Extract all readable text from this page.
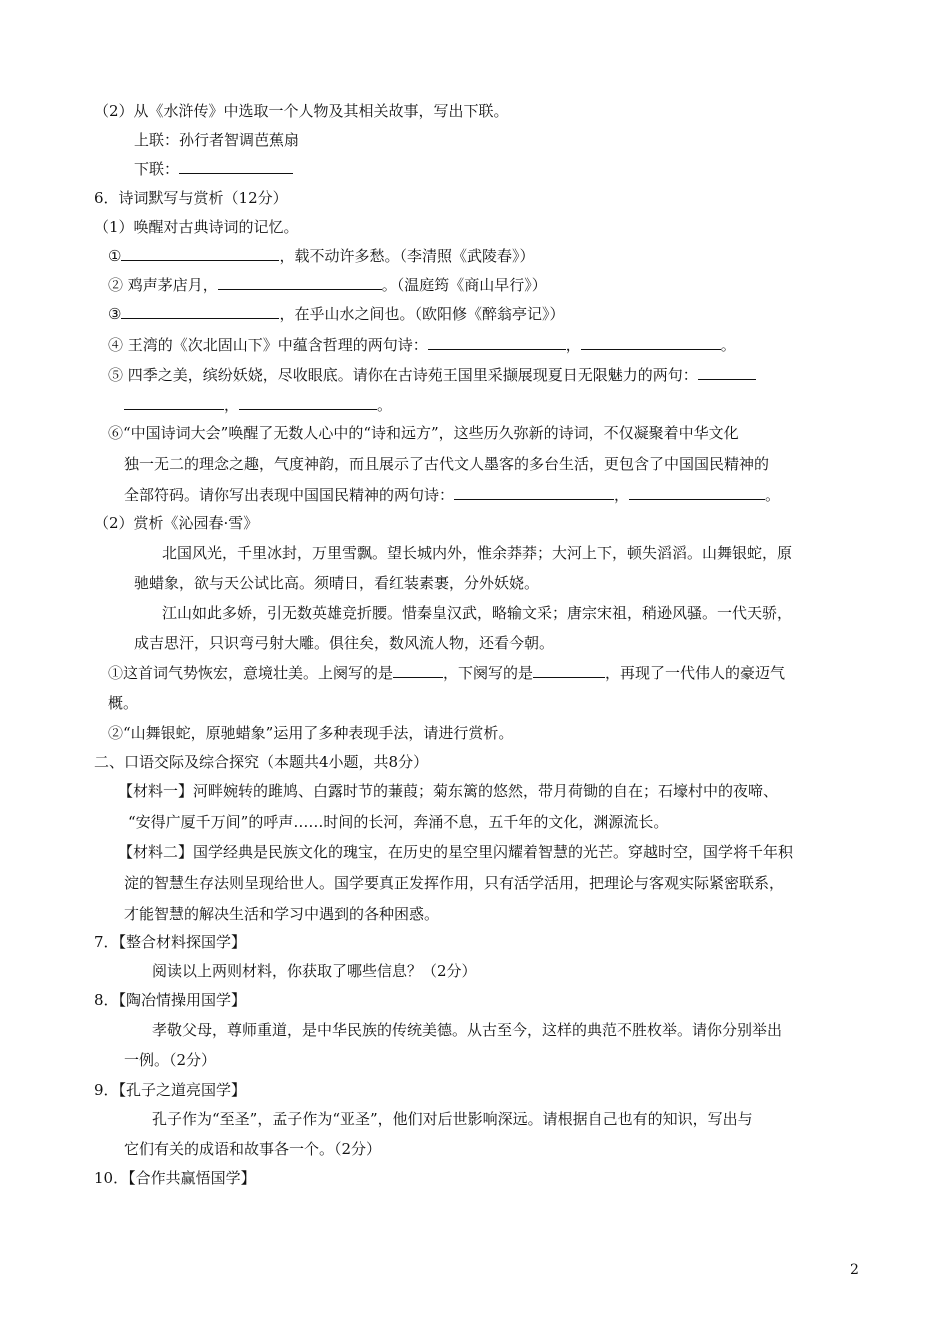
（2）从《水浒传》中选取一个人物及其相关故事，写出下联。
上联：孙行者智调芭蕉扇
下联：
6．诗词默写与赏析（12分）
（1）唤醒对古典诗词的记忆。
①	，载不动许多愁。（李清照《武陵春》）
② 鸡声茅店月，	。（温庭筠《商山早行》）
③	，在乎山水之间也。（欧阳修《醉翁亭记》）
④ 王湾的《次北固山下》中蕴含哲理的两句诗：	，	。
⑤ 四季之美，缤纷妖娆，尽收眼底。请你在古诗苑王国里采撷展现夏日无限魅力的两句：
，	。
⑥“中国诗词大会”唤醒了无数人心中的“诗和远方”，这些历久弥新的诗词，不仅凝聚着中华文化
独一无二的理念之趣，气度神韵，而且展示了古代文人墨客的多台生活，更包含了中国国民精神的
全部符码。请你写出表现中国国民精神的两句诗：	，	。
（2）赏析《沁园春·雪》
北国风光，千里冰封，万里雪飘。望长城内外，惟余莽莽；大河上下，顿失滔滔。山舞银蛇，原
驰蜡象，欲与天公试比高。须晴日，看红装素裹，分外妖娆。
江山如此多娇，引无数英雄竞折腰。惜秦皇汉武，略输文采；唐宗宋祖，稍逊风骚。一代天骄，
成吉思汗，只识弯弓射大雕。俱往矣，数风流人物，还看今朝。
①这首词气势恢宏，意境壮美。上阕写的是	，下阕写的是	，再现了一代伟人的豪迈气
概。
②“山舞银蛇，原驰蜡象”运用了多种表现手法，请进行赏析。
二、口语交际及综合探究（本题共4小题，共8分）
【材料一】河畔婉转的雎鸠、白露时节的蒹葭；菊东篱的悠然，带月荷锄的自在；石壕村中的夜啼、
“安得广厦千万间”的呼声……时间的长河，奔涌不息，五千年的文化，渊源流长。
【材料二】国学经典是民族文化的瑰宝，在历史的星空里闪耀着智慧的光芒。穿越时空，国学将千年积
淀的智慧生存法则呈现给世人。国学要真正发挥作用，只有活学活用，把理论与客观实际紧密联系，
才能智慧的解决生活和学习中遇到的各种困惑。
7．【整合材料探国学】
阅读以上两则材料，你获取了哪些信息？（2分）
8．【陶冶情操用国学】
孝敬父母，尊师重道，是中华民族的传统美德。从古至今，这样的典范不胜枚举。请你分别举出
一例。（2分）
9．【孔子之道亮国学】
孔子作为“至圣”，孟子作为“亚圣”，他们对后世影响深远。请根据自己也有的知识，写出与
它们有关的成语和故事各一个。（2分）
10．【合作共赢悟国学】
2
